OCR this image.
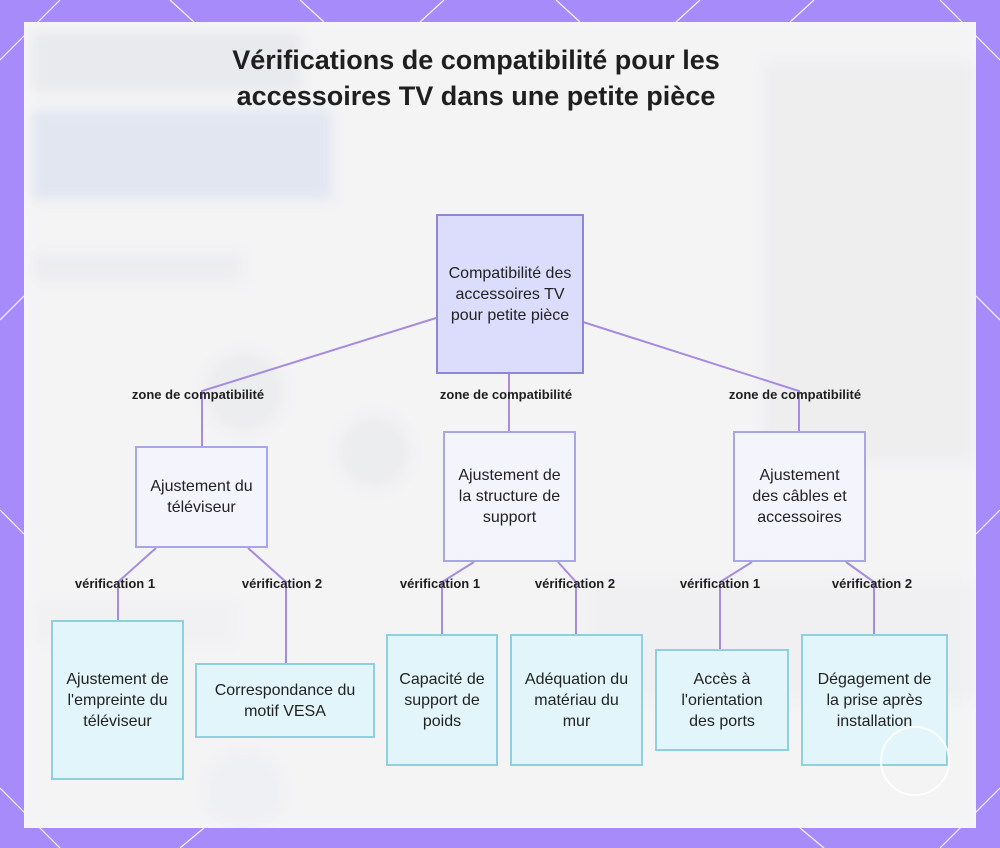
Vérifications de compatibilité pour les accessoires TV dans une petite pièce
Compatibilité des accessoires TV pour petite pièce
Ajustement du téléviseur
Ajustement de la structure de support
Ajustement des câbles et accessoires
Ajustement de l'empreinte du téléviseur
Correspondance du motif VESA
Capacité de support de poids
Adéquation du matériau du mur
Accès à l'orientation des ports
Dégagement de la prise après installation
zone de compatibilité	zone de compatibilité	zone de compatibilité
vérification 1	vérification 2	vérification 1	vérification 2	vérification 1	vérification 2
